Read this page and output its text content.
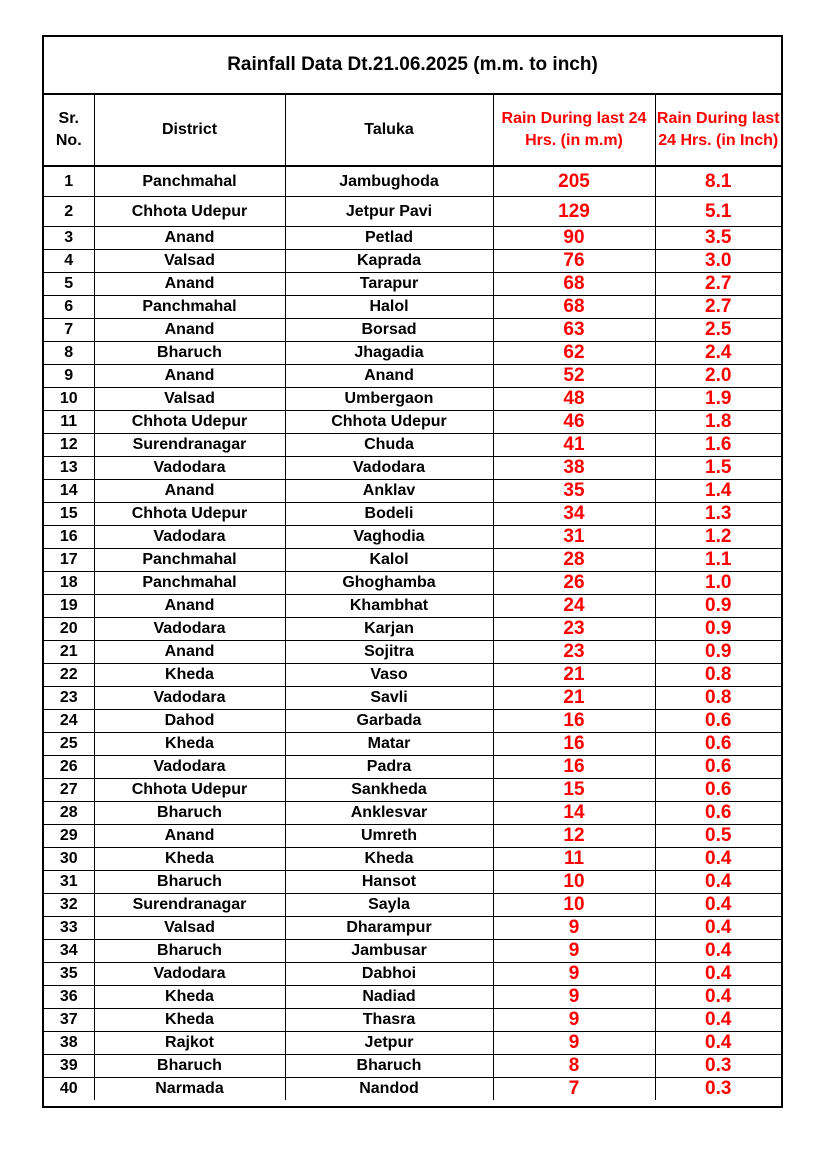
Rainfall Data Dt.21.06.2025 (m.m. to inch)
Sr. No.	District	Taluka	Rain During last 24 Hrs. (in m.m)	Rain During last 24 Hrs. (in Inch)
1	Panchmahal	Jambughoda	205	8.1
2	Chhota Udepur	Jetpur Pavi	129	5.1
3	Anand	Petlad	90	3.5
4	Valsad	Kaprada	76	3.0
5	Anand	Tarapur	68	2.7
6	Panchmahal	Halol	68	2.7
7	Anand	Borsad	63	2.5
8	Bharuch	Jhagadia	62	2.4
9	Anand	Anand	52	2.0
10	Valsad	Umbergaon	48	1.9
11	Chhota Udepur	Chhota Udepur	46	1.8
12	Surendranagar	Chuda	41	1.6
13	Vadodara	Vadodara	38	1.5
14	Anand	Anklav	35	1.4
15	Chhota Udepur	Bodeli	34	1.3
16	Vadodara	Vaghodia	31	1.2
17	Panchmahal	Kalol	28	1.1
18	Panchmahal	Ghoghamba	26	1.0
19	Anand	Khambhat	24	0.9
20	Vadodara	Karjan	23	0.9
21	Anand	Sojitra	23	0.9
22	Kheda	Vaso	21	0.8
23	Vadodara	Savli	21	0.8
24	Dahod	Garbada	16	0.6
25	Kheda	Matar	16	0.6
26	Vadodara	Padra	16	0.6
27	Chhota Udepur	Sankheda	15	0.6
28	Bharuch	Anklesvar	14	0.6
29	Anand	Umreth	12	0.5
30	Kheda	Kheda	11	0.4
31	Bharuch	Hansot	10	0.4
32	Surendranagar	Sayla	10	0.4
33	Valsad	Dharampur	9	0.4
34	Bharuch	Jambusar	9	0.4
35	Vadodara	Dabhoi	9	0.4
36	Kheda	Nadiad	9	0.4
37	Kheda	Thasra	9	0.4
38	Rajkot	Jetpur	9	0.4
39	Bharuch	Bharuch	8	0.3
40	Narmada	Nandod	7	0.3
